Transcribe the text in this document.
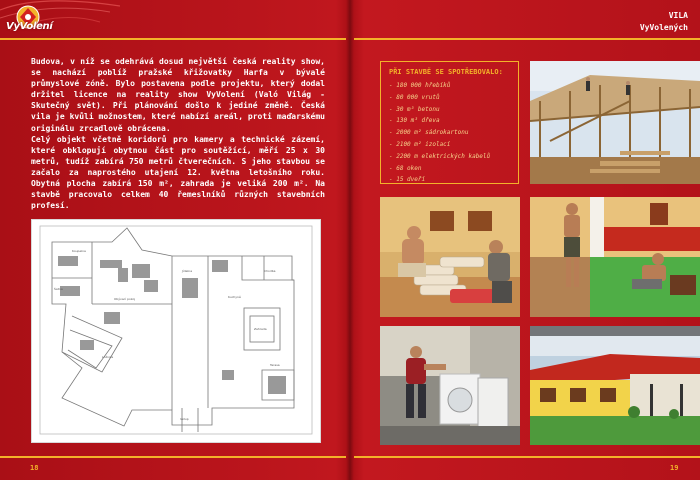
VyVolení
VILA
VyVolených

Budova, v níž se odehrává dosud největší česká reality show, se nachází poblíž pražské křižovatky Harfa v bývalé průmyslové zóně. Bylo postavena podle projektu, který dodal držitel licence na reality show VyVolení (Való Világ - Skutečný svět). Při plánování došlo k jediné změně. Česká vila je kvůli možnostem, které nabízí areál, proti maďarskému originálu zrcadlově obrácena.

Celý objekt včetně koridorů pro kamery a technické zázemí, které obklopují obytnou část pro soutěžící, měří 25 x 30 metrů, tudíž zabírá 750 metrů čtverečních. S jeho stavbou se začalo za naprostého utajení 12. května letošního roku. Obytná plocha zabírá 150 m², zahrada je veliká 200 m². Na stavbě pracovalo celkem 40 řemeslníků různých stavebních profesí.

Koupelna
Obývací pokoj
Jídelna
Šatna
Ložnice
Kuchyně
Zahrada
Terasa
Vstup
Chodba
PŘI STAVBĚ SE SPOTŘEBOVALO:
- 180 000 hřebíků
- 80 000 vrutů
- 30 m³ betonu
- 130 m³ dřeva
- 2000 m² sádrokartonu
- 2100 m² izolací
- 2200 m elektrických kabelů
- 68 oken
- 15 dveří
18	19
